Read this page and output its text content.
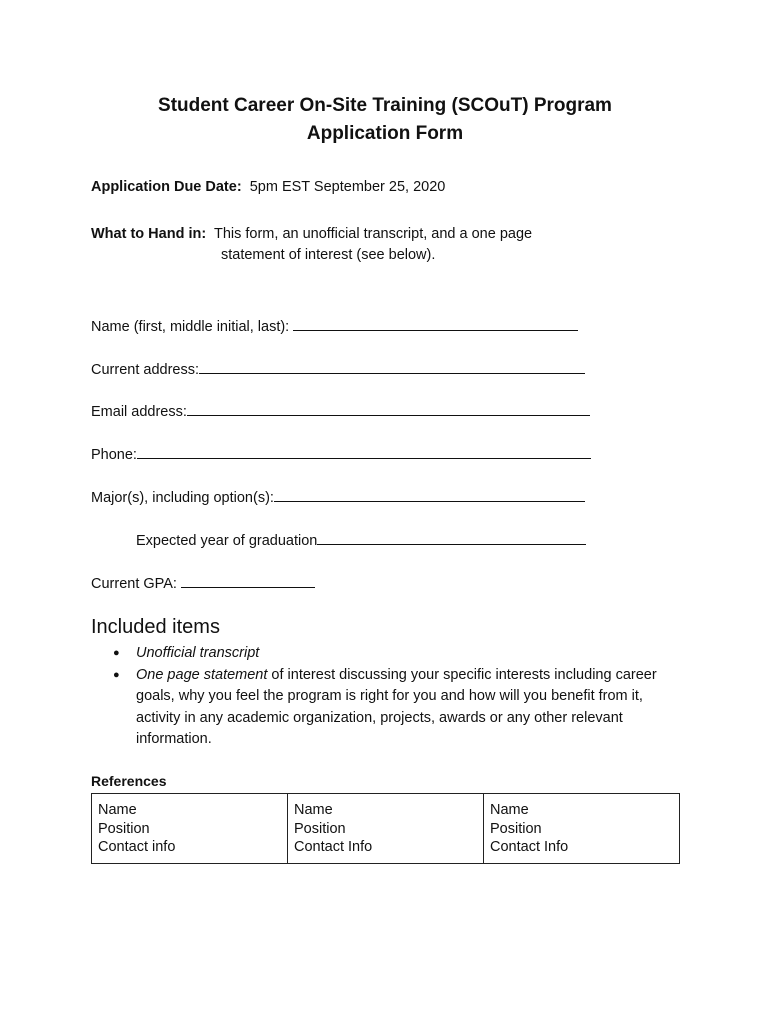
Student Career On-Site Training (SCOuT) Program
Application Form
Application Due Date: 5pm EST September 25, 2020
What to Hand in: This form, an unofficial transcript, and a one page
statement of interest (see below).
Name (first, middle initial, last):

Current address:
Email address:
Phone:
Major(s), including option(s):
Expected year of graduation
Current GPA:

Included items
● Unofficial transcript
● One page statement of interest discussing your specific interests including career goals, why you feel the program is right for you and how will you benefit from it, activity in any academic organization, projects, awards or any other relevant information.
References
Name
Position
Contact info

Name
Position
Contact Info

Name
Position
Contact Info
